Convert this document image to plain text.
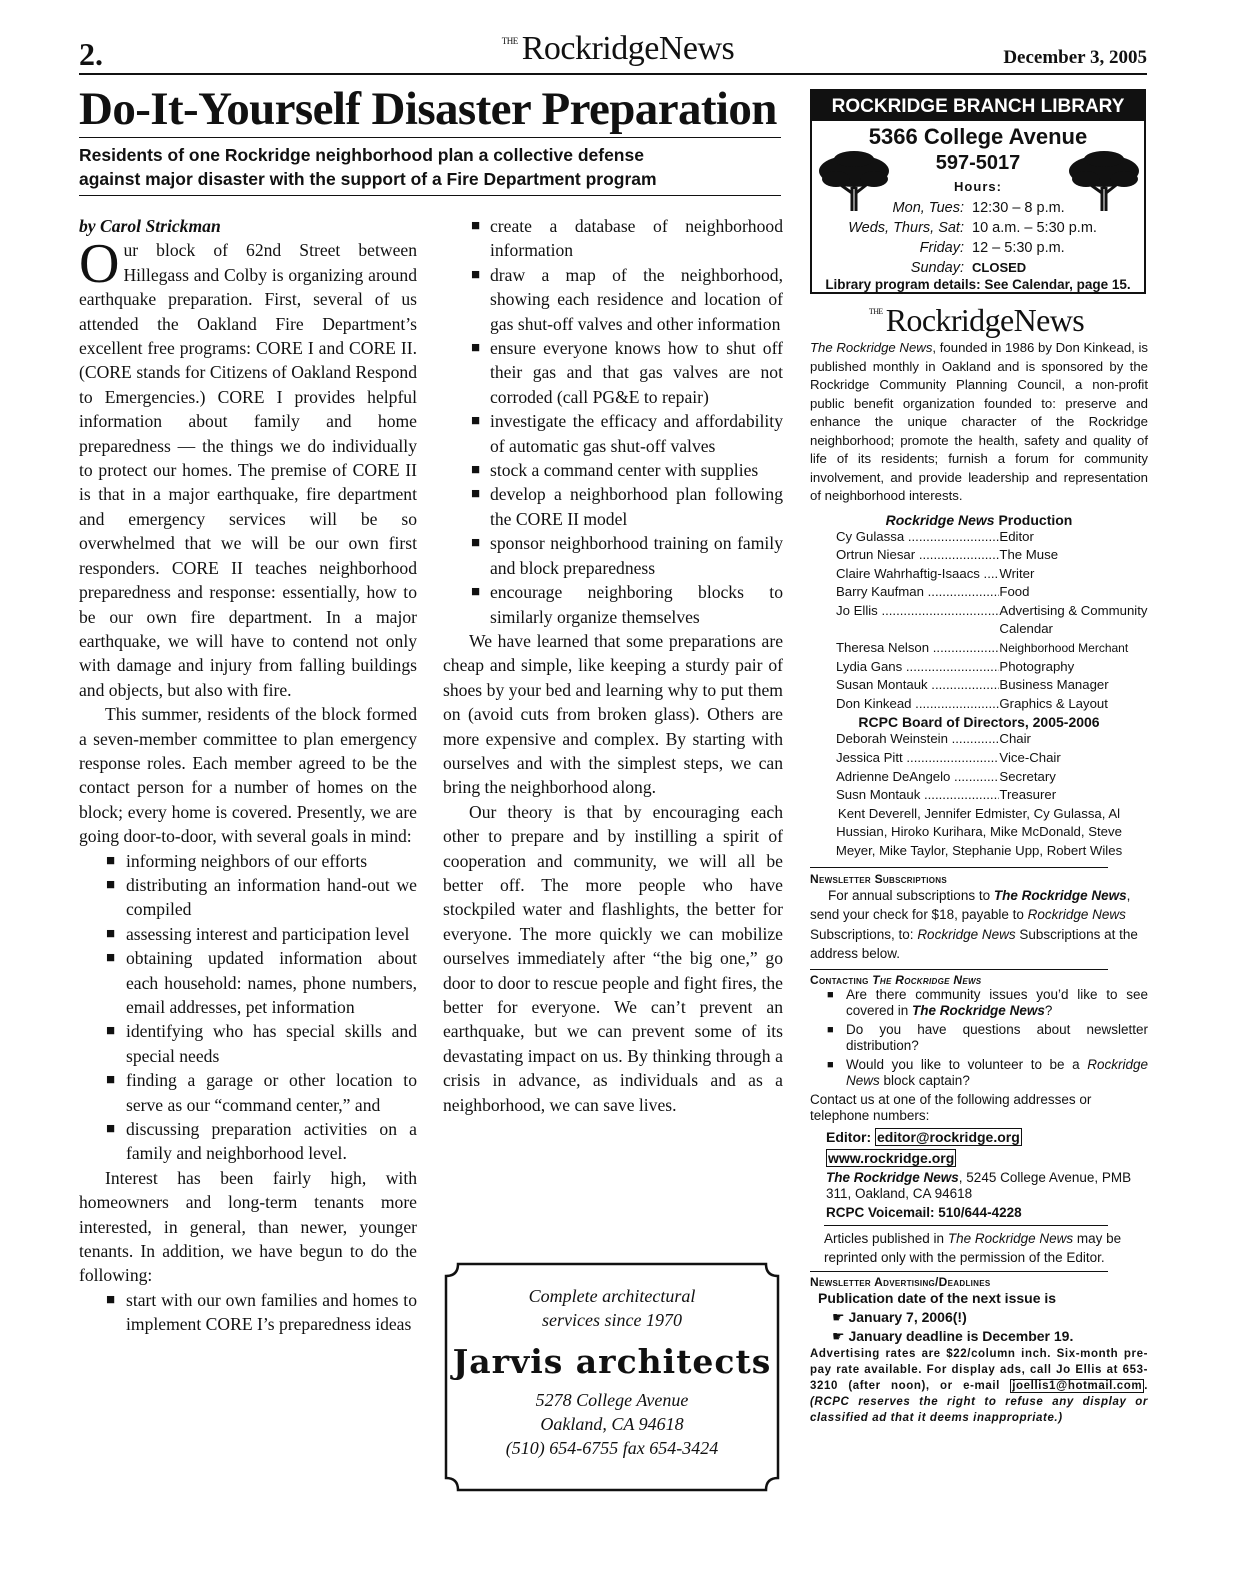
2.	$^{THE}$ RockridgeNews	December 3, 2005
Do-It-Yourself Disaster Preparation
Residents of one Rockridge neighborhood plan a collective defense
against major disaster with the support of a Fire Department program
by Carol Strickman
Our block of 62nd Street between Hillegass and Colby is organizing around earthquake preparation. First, several of us attended the Oakland Fire Department’s excellent free programs: CORE I and CORE II. (CORE stands for Citizens of Oakland Respond to Emergencies.) CORE I provides helpful information about family and home preparedness — the things we do individually to protect our homes. The premise of CORE II is that in a major earthquake, fire department and emergency services will be so overwhelmed that we will be our own first responders. CORE II teaches neighborhood preparedness and response: essentially, how to be our own fire department. In a major earthquake, we will have to contend not only with damage and injury from falling buildings and objects, but also with fire.
This summer, residents of the block formed a seven-member committee to plan emergency response roles. Each member agreed to be the contact person for a number of homes on the block; every home is covered. Presently, we are going door-to-door, with several goals in mind:
■ informing neighbors of our efforts
■ distributing an information hand-out we compiled
■ assessing interest and participation level
■ obtaining updated information about each household: names, phone numbers, email addresses, pet information
■ identifying who has special skills and special needs
■ finding a garage or other location to serve as our “command center,” and
■ discussing preparation activities on a family and neighborhood level.
Interest has been fairly high, with homeowners and long-term tenants more interested, in general, than newer, younger tenants. In addition, we have begun to do the following:
■ start with our own families and homes to implement CORE I’s preparedness ideas
■ create a database of neighborhood information
■ draw a map of the neighborhood, showing each residence and location of gas shut-off valves and other information
■ ensure everyone knows how to shut off their gas and that gas valves are not corroded (call PG&E to repair)
■ investigate the efficacy and affordability of automatic gas shut-off valves
■ stock a command center with supplies
■ develop a neighborhood plan following the CORE II model
■ sponsor neighborhood training on family and block preparedness
■ encourage neighboring blocks to similarly organize themselves
We have learned that some preparations are cheap and simple, like keeping a sturdy pair of shoes by your bed and learning why to put them on (avoid cuts from broken glass). Others are more expensive and complex. By starting with ourselves and with the simplest steps, we can bring the neighborhood along.
Our theory is that by encouraging each other to prepare and by instilling a spirit of cooperation and community, we will all be better off. The more people who have stockpiled water and flashlights, the better for everyone. The more quickly we can mobilize ourselves immediately after “the big one,” go door to door to rescue people and fight fires, the better for everyone. We can’t prevent an earthquake, but we can prevent some of its devastating impact on us. By thinking through a crisis in advance, as individuals and as a neighborhood, we can save lives.
Complete architectural
services since 1970
Jarvis architects
5278 College Avenue
Oakland, CA 94618
(510) 654-6755 fax 654-3424
ROCKRIDGE BRANCH LIBRARY
5366 College Avenue
597-5017
Hours:
Mon, Tues: 12:30 – 8 p.m.
Weds, Thurs, Sat: 10 a.m. – 5:30 p.m.
Friday: 12 – 5:30 p.m.
Sunday: CLOSED
Library program details: See Calendar, page 15.
$^{THE}$RockridgeNews
The Rockridge News, founded in 1986 by Don Kinkead, is published monthly in Oakland and is sponsored by the Rockridge Community Planning Council, a non-profit public benefit organization founded to: preserve and enhance the unique character of the Rockridge neighborhood; promote the health, safety and quality of life of its residents; furnish a forum for community involvement, and provide leadership and representation of neighborhood interests.
Rockridge News Production
Cy Gulassa .....	Editor
Ortrun Niesar .....	The Muse
Claire Wahrhaftig-Isaacs .....	Writer
Barry Kaufman .....	Food
Jo Ellis .....	Advertising & Community Calendar
Theresa Nelson .....	Neighborhood Merchant
Lydia Gans .....	Photography
Susan Montauk .....	Business Manager
Don Kinkead .....	Graphics & Layout
RCPC Board of Directors, 2005-2006
Deborah Weinstein .....	Chair
Jessica Pitt .....	Vice-Chair
Adrienne DeAngelo .....	Secretary
Susn Montauk .....	Treasurer
Kent Deverell, Jennifer Edmister, Cy Gulassa, Al Hussian, Hiroko Kurihara, Mike McDonald, Steve Meyer, Mike Taylor, Stephanie Upp, Robert Wiles
Newsletter Subscriptions
For annual subscriptions to The Rockridge News, send your check for $18, payable to Rockridge News Subscriptions, to: Rockridge News Subscriptions at the address below.
Contacting The Rockridge News
■ Are there community issues you’d like to see covered in The Rockridge News?
■ Do you have questions about newsletter distribution?
■ Would you like to volunteer to be a Rockridge News block captain?
Contact us at one of the following addresses or telephone numbers:
Editor: editor@rockridge.org
www.rockridge.org
The Rockridge News, 5245 College Avenue, PMB 311, Oakland, CA 94618
RCPC Voicemail: 510/644-4228
Articles published in The Rockridge News may be reprinted only with the permission of the Editor.
Newsletter Advertising/Deadlines
Publication date of the next issue is
☛ January 7, 2006(!)
☛ January deadline is December 19.
Advertising rates are $22/column inch. Six-month pre-pay rate available. For display ads, call Jo Ellis at 653-3210 (after noon), or e-mail joellis1@hotmail.com . (RCPC reserves the right to refuse any display or classified ad that it deems inappropriate.)
